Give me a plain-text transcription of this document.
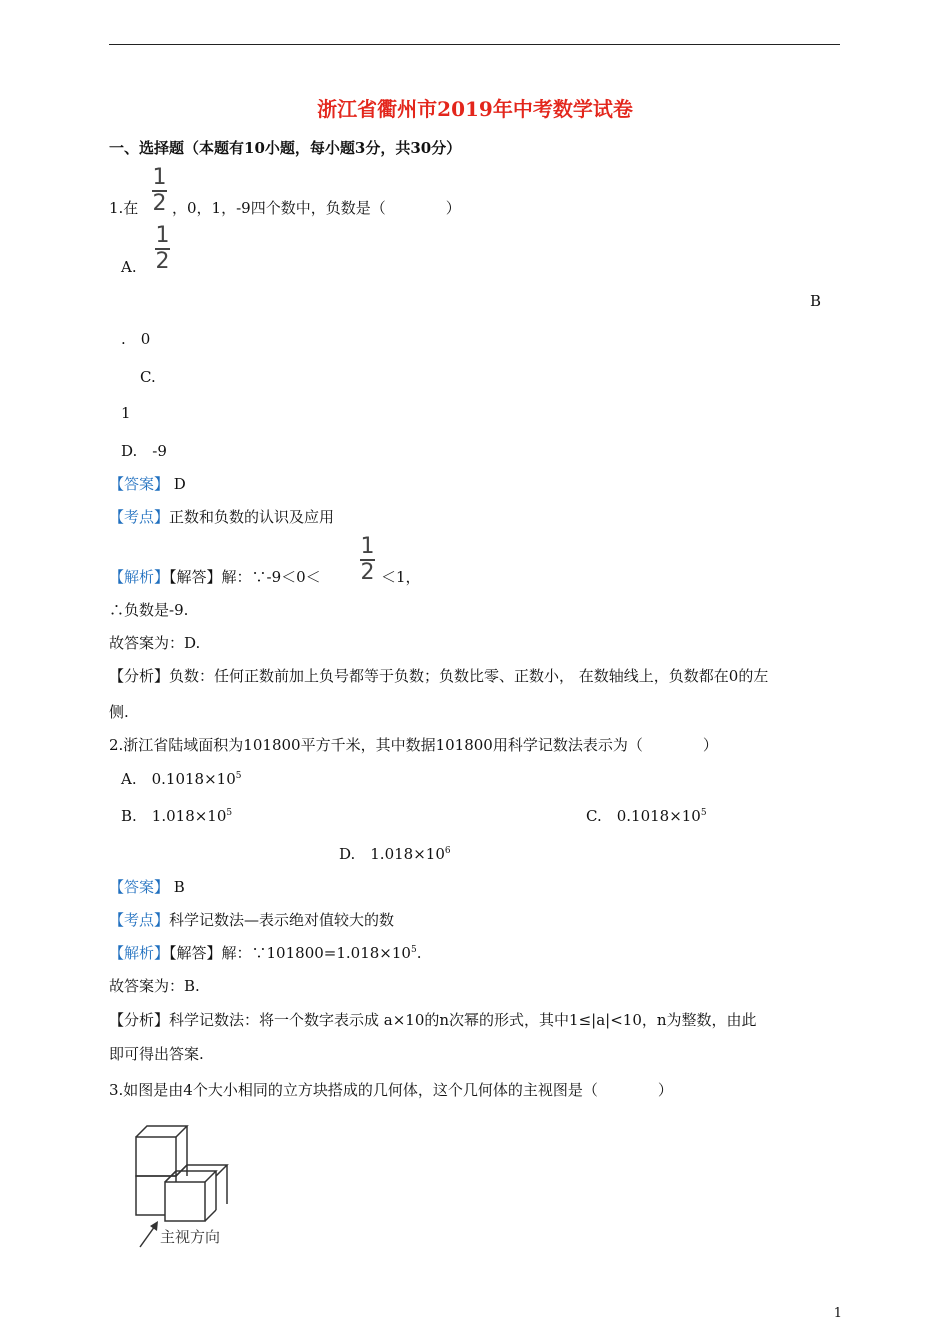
浙江省衢州市2019年中考数学试卷
一、选择题（本题有10小题，每小题3分，共30分）
1.在
1
2 ，0，1，-9四个数中，负数是（　　　　）
A.
1
2
B
.　0
C.
1
D.　-9
【答案】 D
【考点】正数和负数的认识及应用
【解析】【解答】解：∵-9＜0＜
1
2 ＜1，
∴负数是-9.
故答案为：D.
【分析】负数：任何正数前加上负号都等于负数；负数比零、正数小， 在数轴线上，负数都在0的左
侧.
2.浙江省陆域面积为101800平方千米，其中数据101800用科学记数法表示为（　　　　）
A.　$0.1018\times 10^5$
B.　$1.018\times 10^5$	C.　$0.1018\times 10^5$
D.　$1.018\times 10^6$
【答案】 B
【考点】科学记数法—表示绝对值较大的数
【解析】【解答】解：$\because 101800=1.018\times 10^5$.
故答案为：B.
【分析】科学记数法：将一个数字表示成 a×10的n次幂的形式，其中1≤|a|<10，n为整数，由此
即可得出答案.
3.如图是由4个大小相同的立方块搭成的几何体，这个几何体的主视图是（　　　　）
主视方向
1
